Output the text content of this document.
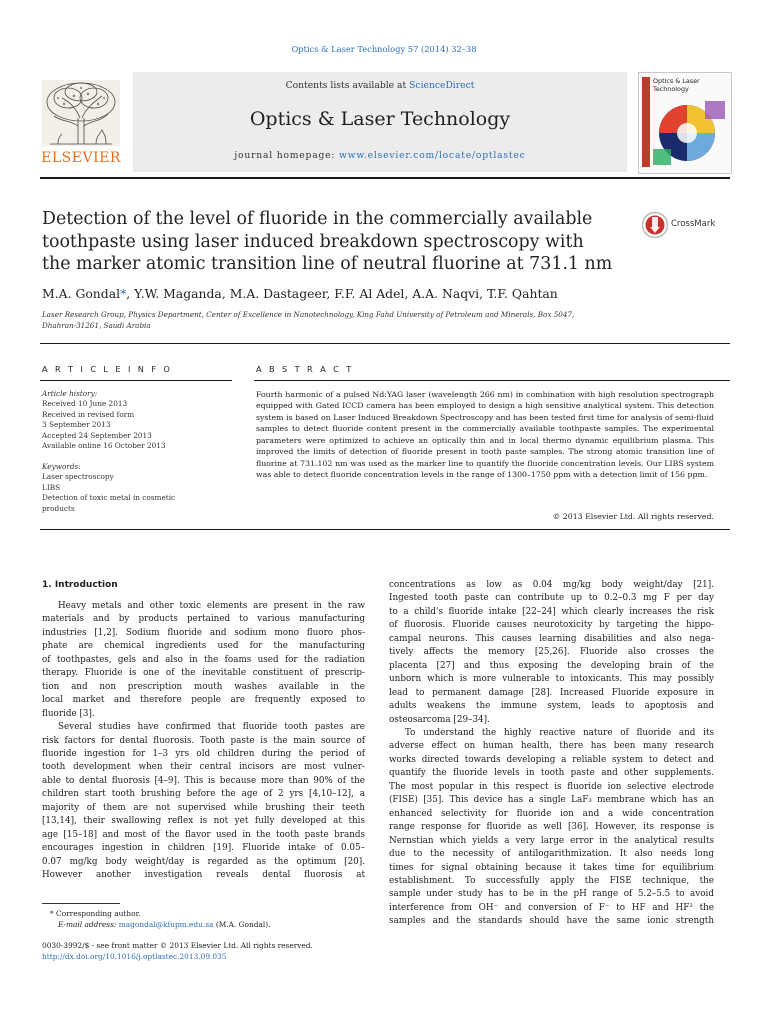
Optics & Laser Technology 57 (2014) 32–38
ELSEVIER
Contents lists available at ScienceDirect
Optics & Laser Technology
journal homepage: www.elsevier.com/locate/optlastec
Optics & Laser Technology
Detection of the level of fluoride in the commercially available
toothpaste using laser induced breakdown spectroscopy with
the marker atomic transition line of neutral fluorine at 731.1 nm
CrossMark
M.A. Gondal*, Y.W. Maganda, M.A. Dastageer, F.F. Al Adel, A.A. Naqvi, T.F. Qahtan
Laser Research Group, Physics Department, Center of Excellence in Nanotechnology, King Fahd University of Petroleum and Minerals, Box 5047,
Dhahran-31261, Saudi Arabia
A R T I C L E I N F O
Article history:
Received 10 June 2013
Received in revised form
3 September 2013
Accepted 24 September 2013
Available online 16 October 2013
Keywords:
Laser spectroscopy
LIBS
Detection of toxic metal in cosmetic
products
A B S T R A C T
Fourth harmonic of a pulsed Nd:YAG laser (wavelength 266 nm) in combination with high resolution spectrograph equipped with Gated ICCD camera has been employed to design a high sensitive analytical system. This detection system is based on Laser Induced Breakdown Spectroscopy and has been tested first time for analysis of semi-fluid samples to detect fluoride content present in the commercially available toothpaste samples. The experimental parameters were optimized to achieve an optically thin and in local thermo dynamic equilibrium plasma. This improved the limits of detection of fluoride present in tooth paste samples. The strong atomic transition line of fluorine at 731.102 nm was used as the marker line to quantify the fluoride concentration levels. Our LIBS system was able to detect fluoride concentration levels in the range of 1300–1750 ppm with a detection limit of 156 ppm.
© 2013 Elsevier Ltd. All rights reserved.
1. Introduction
Heavy metals and other toxic elements are present in the raw
materials and by products pertained to various manufacturing
industries [1,2]. Sodium fluoride and sodium mono fluoro phos-
phate are chemical ingredients used for the manufacturing
of toothpastes, gels and also in the foams used for the radiation
therapy. Fluoride is one of the inevitable constituent of prescrip-
tion and non prescription mouth washes available in the
local market and therefore people are frequently exposed to
fluoride [3].
Several studies have confirmed that fluoride tooth pastes are
risk factors for dental fluorosis. Tooth paste is the main source of
fluoride ingestion for 1–3 yrs old children during the period of
tooth development when their central incisors are most vulner-
able to dental fluorosis [4–9]. This is because more than 90% of the
children start tooth brushing before the age of 2 yrs [4,10–12], a
majority of them are not supervised while brushing their teeth
[13,14], their swallowing reflex is not yet fully developed at this
age [15–18] and most of the flavor used in the tooth paste brands
encourages ingestion in children [19]. Fluoride intake of 0.05–
0.07 mg/kg body weight/day is regarded as the optimum [20].
However another investigation reveals dental fluorosis at
concentrations as low as 0.04 mg/kg body weight/day [21].
Ingested tooth paste can contribute up to 0.2–0.3 mg F per day
to a child's fluoride intake [22–24] which clearly increases the risk
of fluorosis. Fluoride causes neurotoxicity by targeting the hippo-
campal neurons. This causes learning disabilities and also nega-
tively affects the memory [25,26]. Fluoride also crosses the
placenta [27] and thus exposing the developing brain of the
unborn which is more vulnerable to intoxicants. This may possibly
lead to permanent damage [28]. Increased Fluoride exposure in
adults weakens the immune system, leads to apoptosis and
osteosarcoma [29–34].
To understand the highly reactive nature of fluoride and its
adverse effect on human health, there has been many research
works directed towards developing a reliable system to detect and
quantify the fluoride levels in tooth paste and other supplements.
The most popular in this respect is fluoride ion selective electrode
(FISE) [35]. This device has a single LaF₃ membrane which has an
enhanced selectivity for fluoride ion and a wide concentration
range response for fluoride as well [36]. However, its response is
Nernstian which yields a very large error in the analytical results
due to the necessity of antilogarithmization. It also needs long
times for signal obtaining because it takes time for equilibrium
establishment. To successfully apply the FISE technique, the
sample under study has to be in the pH range of 5.2–5.5 to avoid
interference from OH⁻ and conversion of F⁻ to HF and HF² the
samples and the standards should have the same ionic strength
* Corresponding author.
E-mail address: magondal@kfupm.edu.sa (M.A. Gondal).
0030-3992/$ - see front matter © 2013 Elsevier Ltd. All rights reserved.
http://dx.doi.org/10.1016/j.optlastec.2013.09.035
